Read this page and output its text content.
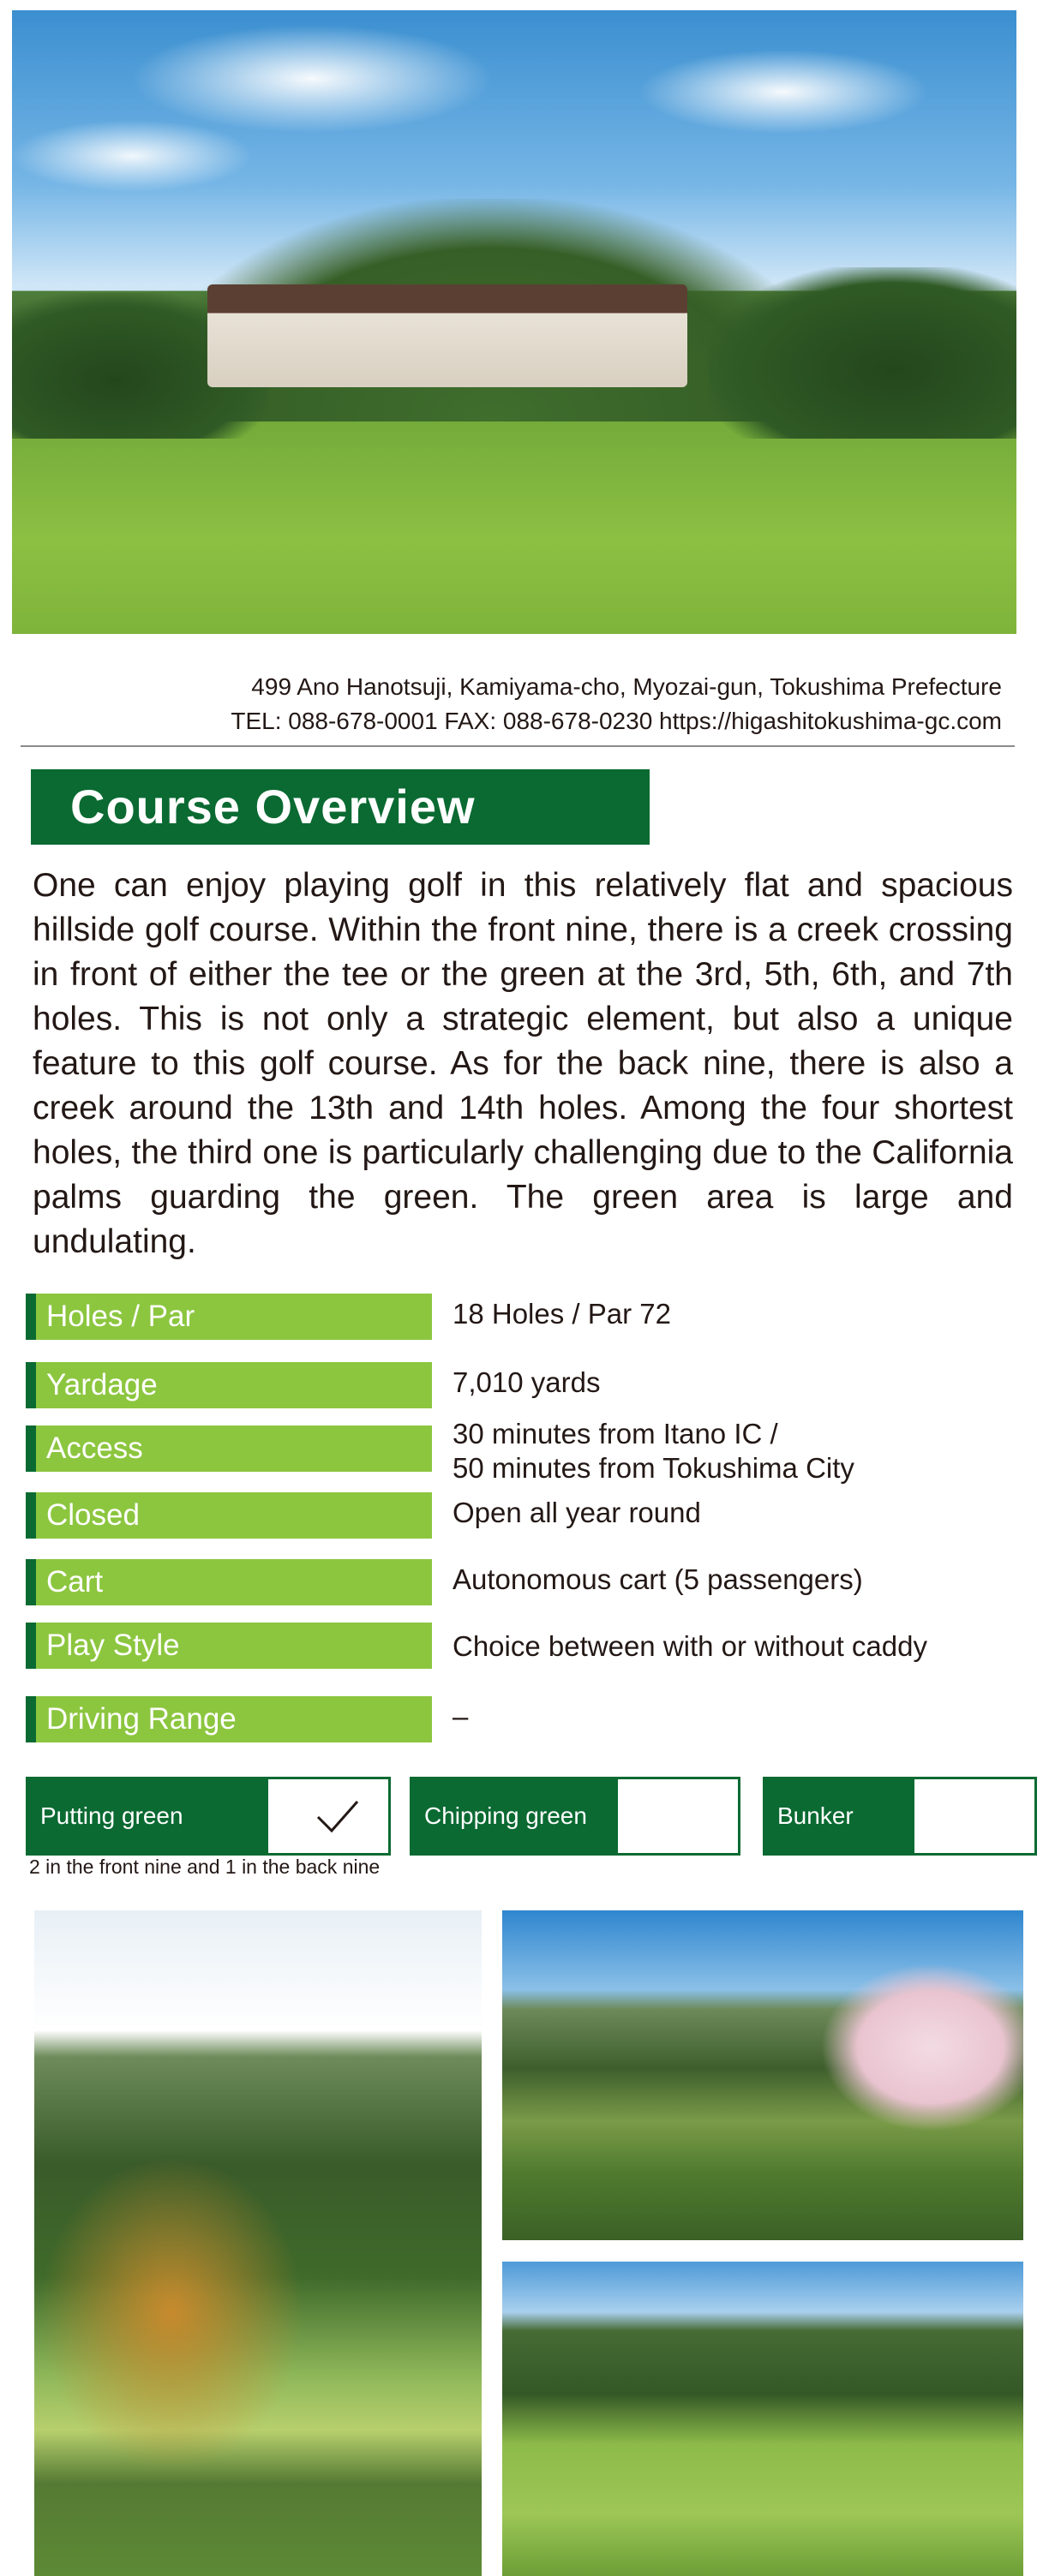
499 Ano Hanotsuji, Kamiyama-cho, Myozai-gun, Tokushima Prefecture
TEL: 088-678-0001 FAX: 088-678-0230 https://higashitokushima-gc.com
Course Overview

One can enjoy playing golf in this relatively flat and spacious hillside golf course. Within the front nine, there is a creek crossing in front of either the tee or the green at the 3rd, 5th, 6th, and 7th holes. This is not only a strategic element, but also a unique feature to this golf course. As for the back nine, there is also a creek around the 13th and 14th holes. Among the four shortest holes, the third one is particularly challenging due to the California palms guarding the green. The green area is large and undulating.

Holes / Par	18 Holes / Par 72
Yardage	7,010 yards
Access	30 minutes from Itano IC /
50 minutes from Tokushima City
Closed	Open all year round
Cart	Autonomous cart (5 passengers)
Play Style	Choice between with or without caddy
Driving Range	–
Putting green	Chipping green	Bunker
2 in the front nine and 1 in the back nine
